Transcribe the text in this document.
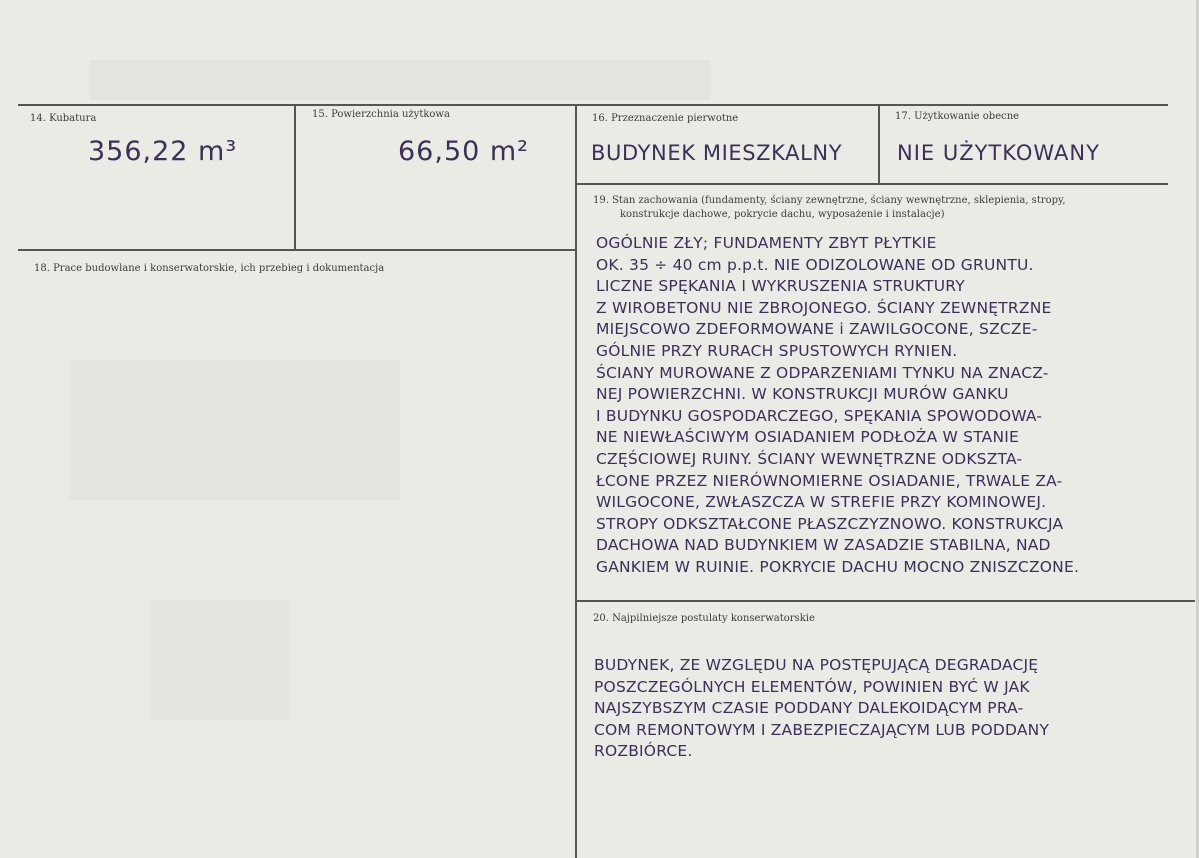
14. Kubatura
356,22 m³
15. Powierzchnia użytkowa
66,50 m²
16. Przeznaczenie pierwotne
BUDYNEK MIESZKALNY
17. Użytkowanie obecne
NIE UŻYTKOWANY
18. Prace budowlane i konserwatorskie, ich przebieg i dokumentacja
19. Stan zachowania (fundamenty, ściany zewnętrzne, ściany wewnętrzne, sklepienia, stropy,
konstrukcje dachowe, pokrycie dachu, wyposażenie i instalacje)
OGÓLNIE ZŁY; FUNDAMENTY ZBYT PŁYTKIE
OK. 35 ÷ 40 cm p.p.t. NIE ODIZOLOWANE OD GRUNTU.
LICZNE SPĘKANIA I WYKRUSZENIA STRUKTURY
Z WIROBETONU NIE ZBROJONEGO. ŚCIANY ZEWNĘTRZNE
MIEJSCOWO ZDEFORMOWANE i ZAWILGOCONE, SZCZE-
GÓLNIE PRZY RURACH SPUSTOWYCH RYNIEN.
ŚCIANY MUROWANE Z ODPARZENIAMI TYNKU NA ZNACZ-
NEJ POWIERZCHNI. W KONSTRUKCJI MURÓW GANKU
I BUDYNKU GOSPODARCZEGO, SPĘKANIA SPOWODOWA-
NE NIEWŁAŚCIWYM OSIADANIEM PODŁOŻA W STANIE
CZĘŚCIOWEJ RUINY. ŚCIANY WEWNĘTRZNE ODKSZTA-
ŁCONE PRZEZ NIERÓWNOMIERNE OSIADANIE, TRWALE ZA-
WILGOCONE, ZWŁASZCZA W STREFIE PRZY KOMINOWEJ.
STROPY ODKSZTAŁCONE PŁASZCZYZNOWO. KONSTRUKCJA
DACHOWA NAD BUDYNKIEM W ZASADZIE STABILNA, NAD
GANKIEM W RUINIE. POKRYCIE DACHU MOCNO ZNISZCZONE.
20. Najpilniejsze postulaty konserwatorskie
BUDYNEK, ZE WZGLĘDU NA POSTĘPUJĄCĄ DEGRADACJĘ
POSZCZEGÓLNYCH ELEMENTÓW, POWINIEN BYĆ W JAK
NAJSZYBSZYM CZASIE PODDANY DALEKOIDĄCYM PRA-
COM REMONTOWYM I ZABEZPIECZAJĄCYM LUB PODDANY
ROZBIÓRCE.
